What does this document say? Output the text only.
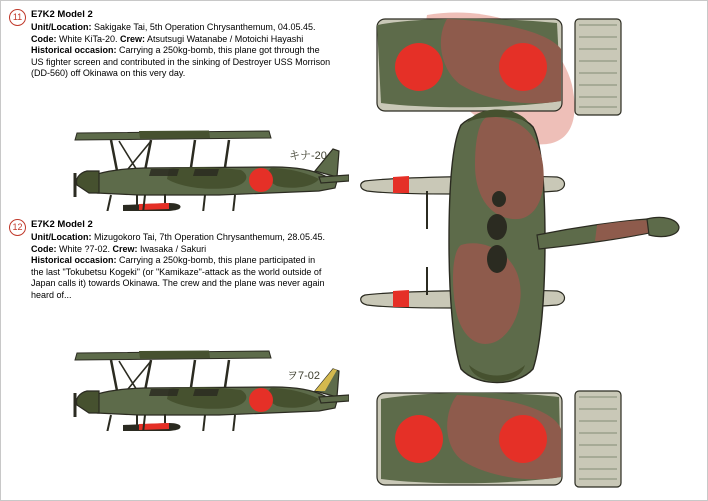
11 E7K2 Model 2

Unit/Location: Sakigake Tai, 5th Operation Chrysanthemum, 04.05.45.

Code: White KiTa-20. Crew: Atsutsugi Watanabe / Motoichi Hayashi

Historical occasion: Carrying a 250kg-bomb, this plane got through the

US fighter screen and contributed in the sinking of Destroyer USS Morrison

(DD-560) off Okinawa on this very day.

12 E7K2 Model 2

Unit/Location: Mizugokoro Tai, 7th Operation Chrysanthemum, 28.05.45.

Code: White ?7-02. Crew: Iwasaka / Sakuri

Historical occasion: Carrying a 250kg-bomb, this plane participated in

the last "Tokubetsu Kogeki" (or "Kamikaze"-attack as the world outside of

Japan calls it) towards Okinawa. The crew and the plane was never again

heard of...

キナ-20
ヲ7-02
